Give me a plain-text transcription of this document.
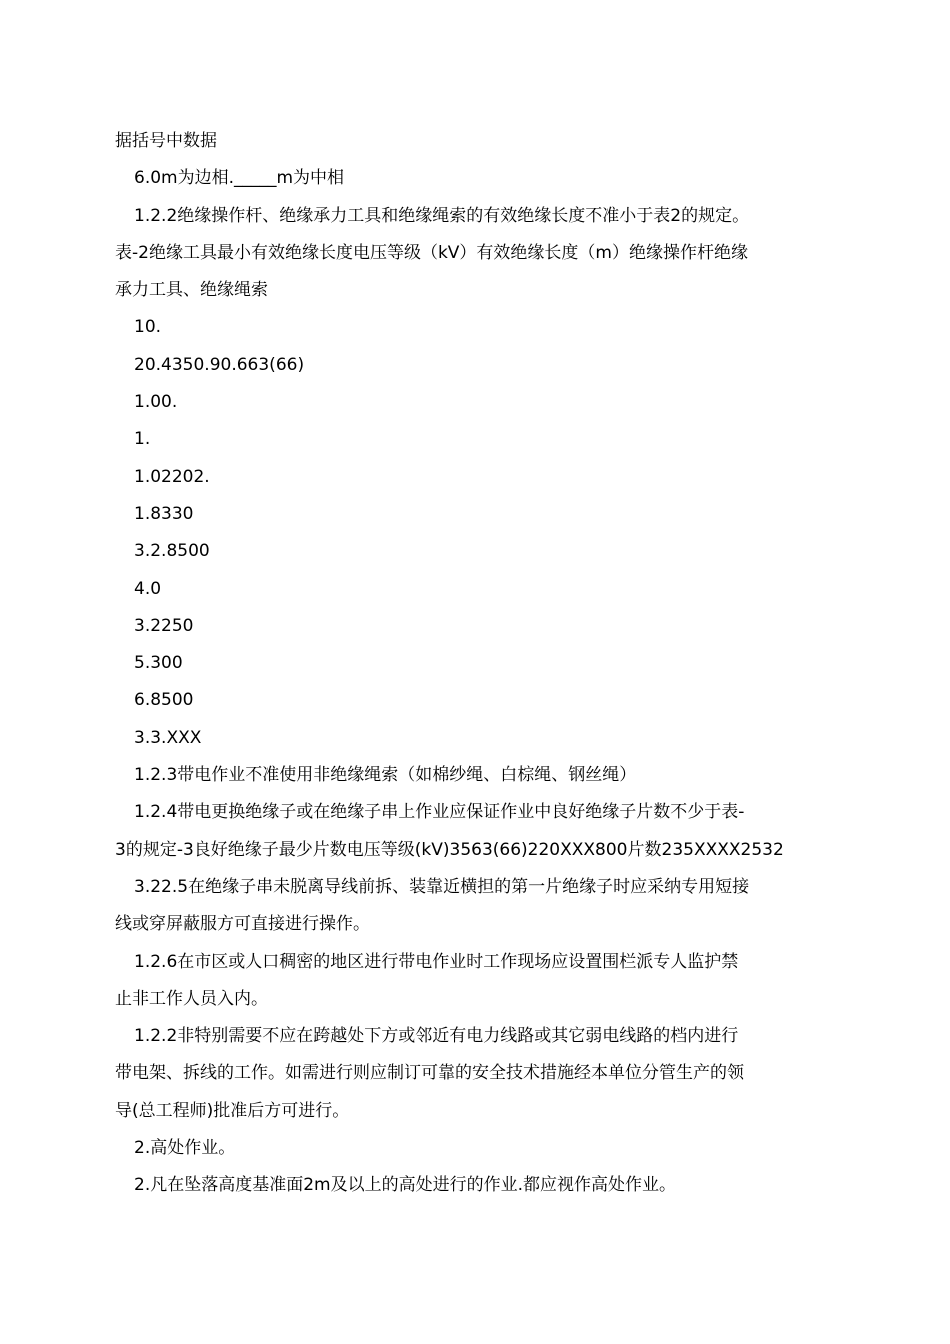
据括号中数据

6.0m为边相._____m为中相

1.2.2绝缘操作杆、绝缘承力工具和绝缘绳索的有效绝缘长度不准小于表2的规定。

表-2绝缘工具最小有效绝缘长度电压等级（kV）有效绝缘长度（m）绝缘操作杆绝缘

承力工具、绝缘绳索

10.

20.4350.90.663(66)

1.00.

1.

1.02202.

1.8330

3.2.8500

4.0

3.2250

5.300

6.8500

3.3.XXX

1.2.3带电作业不准使用非绝缘绳索（如棉纱绳、白棕绳、钢丝绳）

1.2.4带电更换绝缘子或在绝缘子串上作业应保证作业中良好绝缘子片数不少于表-

3的规定-3良好绝缘子最少片数电压等级(kV)3563(66)220XXX800片数235XXXX2532

3.22.5在绝缘子串未脱离导线前拆、装靠近横担的第一片绝缘子时应采纳专用短接

线或穿屏蔽服方可直接进行操作。

1.2.6在市区或人口稠密的地区进行带电作业时工作现场应设置围栏派专人监护禁

止非工作人员入内。

1.2.2非特别需要不应在跨越处下方或邻近有电力线路或其它弱电线路的档内进行

带电架、拆线的工作。如需进行则应制订可靠的安全技术措施经本单位分管生产的领

导(总工程师)批准后方可进行。

2.高处作业。

2.凡在坠落高度基准面2m及以上的高处进行的作业.都应视作高处作业。
